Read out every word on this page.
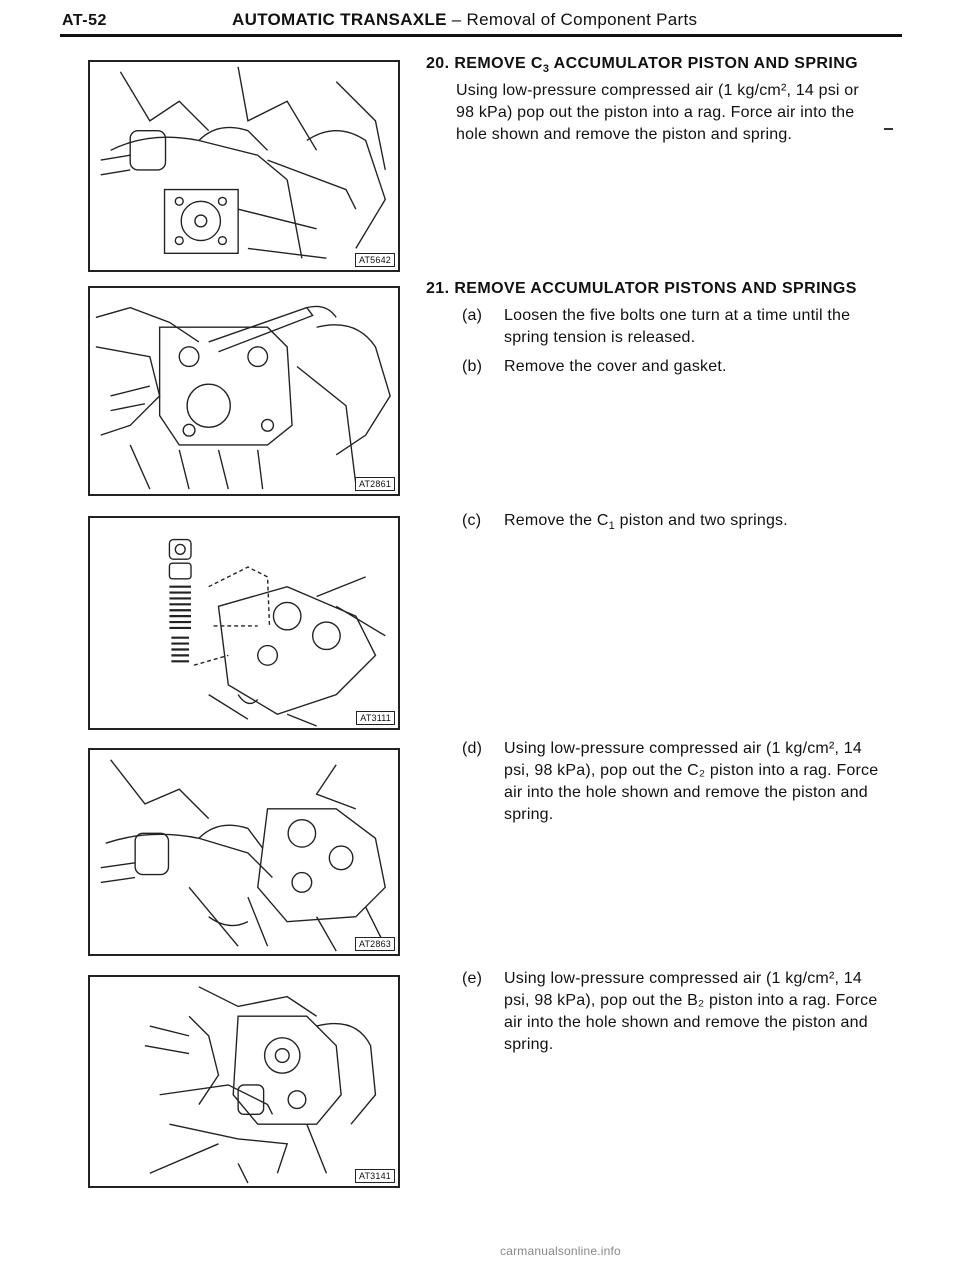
AT-52	AUTOMATIC TRANSAXLE – Removal of Component Parts
AT5642
AT2861
AT3111
AT2863
AT3141
20. REMOVE $C_3$ ACCUMULATOR PISTON AND SPRING
Using low-pressure compressed air (1 kg/cm², 14 psi or
98 kPa) pop out the piston into a rag. Force air into the
hole shown and remove the piston and spring.
21. REMOVE ACCUMULATOR PISTONS AND SPRINGS
(a) Loosen the five bolts one turn at a time until the
spring tension is released.
(b) Remove the cover and gasket.
(c) Remove the $C_1$ piston and two springs.
(d) Using low-pressure compressed air (1 kg/cm², 14
psi, 98 kPa), pop out the C₂ piston into a rag. Force
air into the hole shown and remove the piston and
spring.
(e) Using low-pressure compressed air (1 kg/cm², 14
psi, 98 kPa), pop out the B₂ piston into a rag. Force
air into the hole shown and remove the piston and
spring.
carmanualsonline.info
